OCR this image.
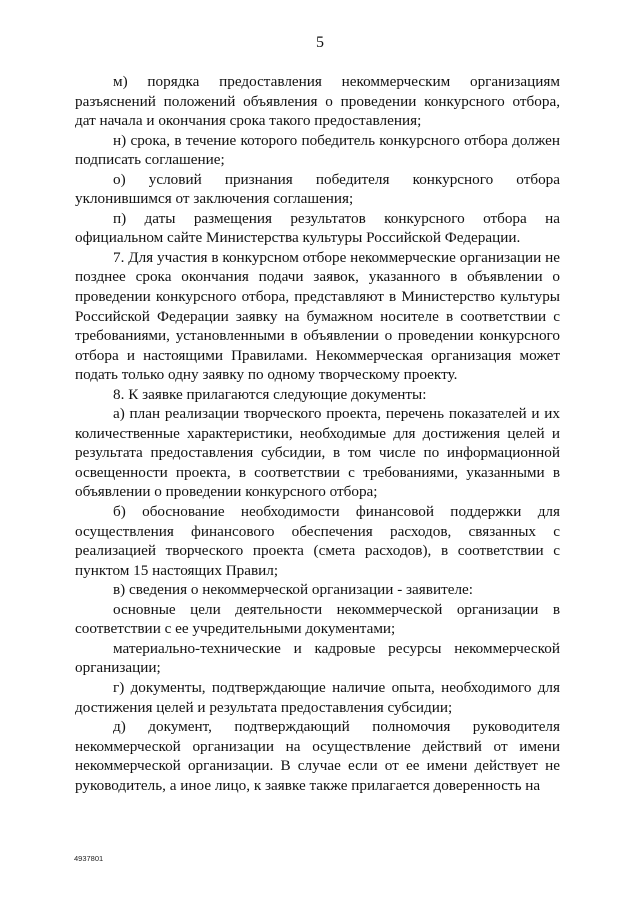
5

м) порядка предоставления некоммерческим организациям разъяснений положений объявления о проведении конкурсного отбора, дат начала и окончания срока такого предоставления;

н) срока, в течение которого победитель конкурсного отбора должен подписать соглашение;

о) условий признания победителя конкурсного отбора уклонившимся от заключения соглашения;

п) даты размещения результатов конкурсного отбора на официальном сайте Министерства культуры Российской Федерации.

7. Для участия в конкурсном отборе некоммерческие организации не позднее срока окончания подачи заявок, указанного в объявлении о проведении конкурсного отбора, представляют в Министерство культуры Российской Федерации заявку на бумажном носителе в соответствии с требованиями, установленными в объявлении о проведении конкурсного отбора и настоящими Правилами. Некоммерческая организация может подать только одну заявку по одному творческому проекту.

8. К заявке прилагаются следующие документы:

а) план реализации творческого проекта, перечень показателей и их количественные характеристики, необходимые для достижения целей и результата предоставления субсидии, в том числе по информационной освещенности проекта, в соответствии с требованиями, указанными в объявлении о проведении конкурсного отбора;

б) обоснование необходимости финансовой поддержки для осуществления финансового обеспечения расходов, связанных с реализацией творческого проекта (смета расходов), в соответствии с пунктом 15 настоящих Правил;

в) сведения о некоммерческой организации - заявителе:

основные цели деятельности некоммерческой организации в соответствии с ее учредительными документами;

материально-технические и кадровые ресурсы некоммерческой организации;

г) документы, подтверждающие наличие опыта, необходимого для достижения целей и результата предоставления субсидии;

д) документ, подтверждающий полномочия руководителя некоммерческой организации на осуществление действий от имени некоммерческой организации. В случае если от ее имени действует не руководитель, а иное лицо, к заявке также прилагается доверенность на

4937801
